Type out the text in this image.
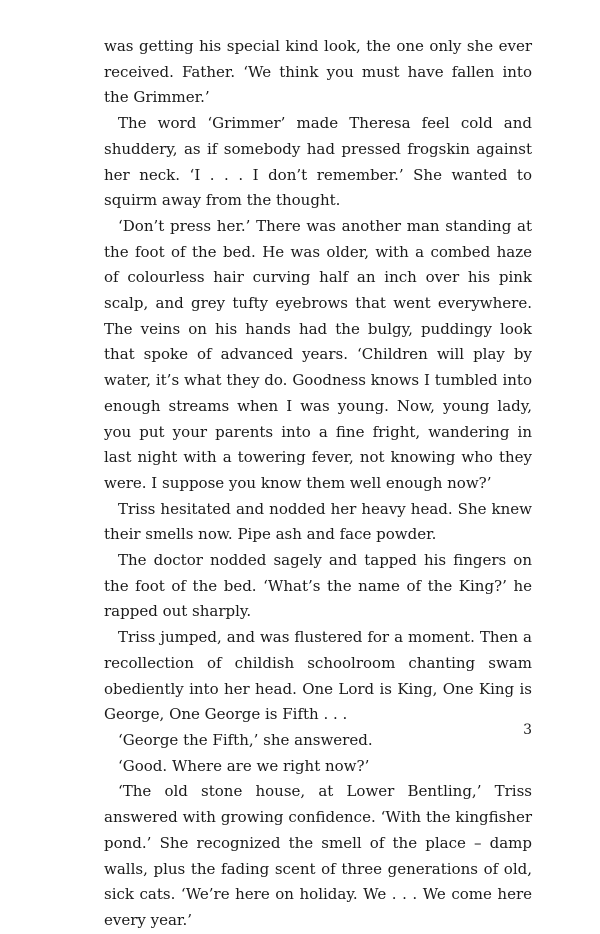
was getting his special kind look, the one only she ever received. Father. ‘We think you must have fallen into the Grimmer.’

The word ‘Grimmer’ made Theresa feel cold and shuddery, as if somebody had pressed frogskin against her neck. ‘I . . . I don’t remember.’ She wanted to squirm away from the thought.

‘Don’t press her.’ There was another man standing at the foot of the bed. He was older, with a combed haze of colourless hair curving half an inch over his pink scalp, and grey tufty eyebrows that went everywhere. The veins on his hands had the bulgy, puddingy look that spoke of advanced years. ‘Children will play by water, it’s what they do. Goodness knows I tumbled into enough streams when I was young. Now, young lady, you put your parents into a fine fright, wandering in last night with a towering fever, not knowing who they were. I suppose you know them well enough now?’

Triss hesitated and nodded her heavy head. She knew their smells now. Pipe ash and face powder.

The doctor nodded sagely and tapped his fingers on the foot of the bed. ‘What’s the name of the King?’ he rapped out sharply.

Triss jumped, and was flustered for a moment. Then a recollection of childish schoolroom chanting swam obediently into her head. One Lord is King, One King is George, One George is Fifth . . .

‘George the Fifth,’ she answered.

‘Good. Where are we right now?’

‘The old stone house, at Lower Bentling,’ Triss answered with growing confidence. ‘With the kingfisher pond.’ She recognized the smell of the place – damp walls, plus the fading scent of three generations of old, sick cats. ‘We’re here on holiday. We . . . We come here every year.’

3
